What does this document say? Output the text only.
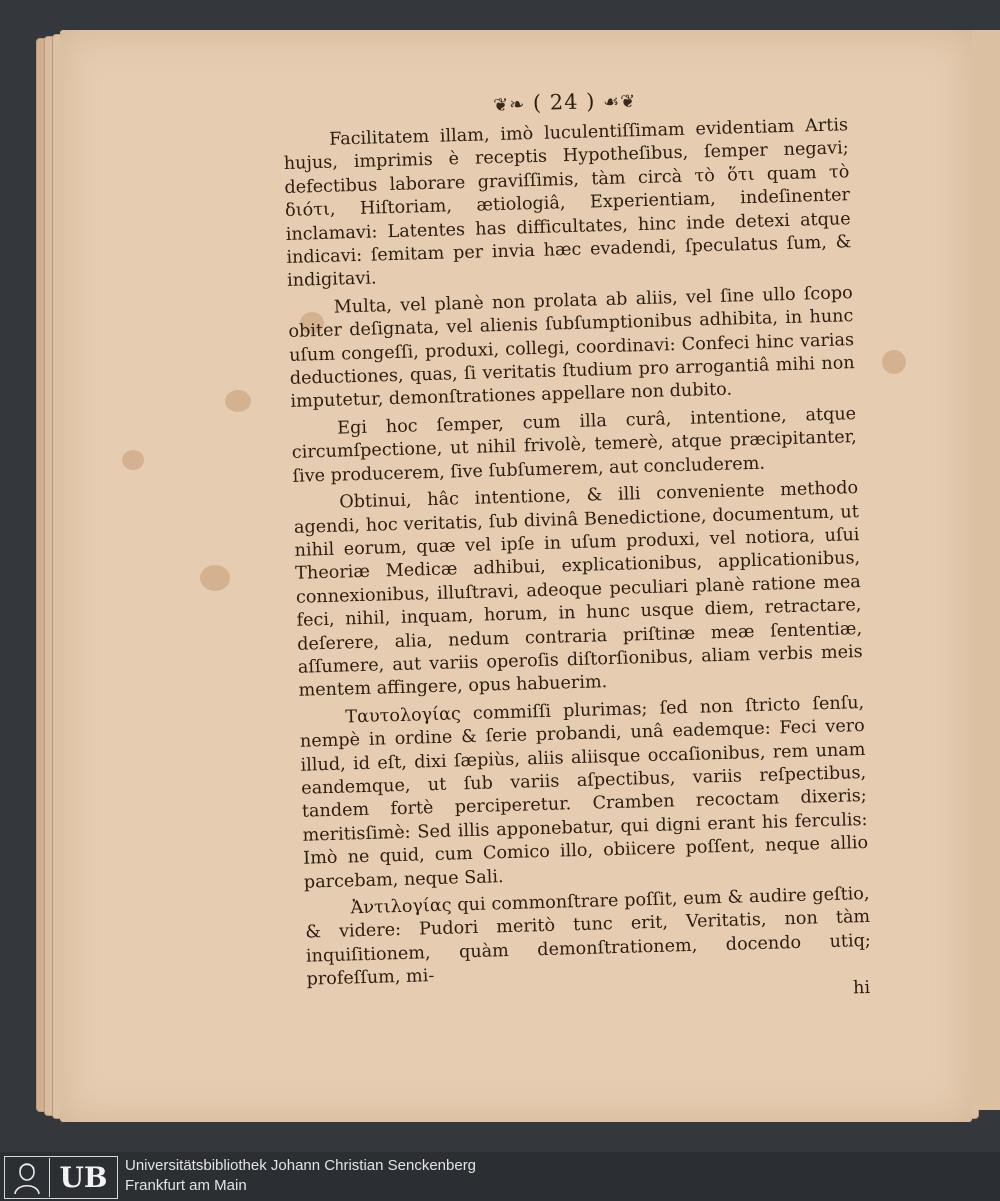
❦❧ ( 24 ) ☙❦

Facilitatem illam, imò luculentiſſimam evidentiam Artis hujus, imprimis è receptis Hypotheſibus, ſemper negavi; defectibus laborare graviſſimis, tàm circà τὸ ὅτι quam τὸ διότι, Hiſtoriam, ætiologiâ, Experientiam, indeſinenter inclamavi: Latentes has difficultates, hinc inde detexi atque indicavi: ſemitam per invia hæc evadendi, ſpeculatus ſum, & indigitavi.

Multa, vel planè non prolata ab aliis, vel ſine ullo ſcopo obiter deſignata, vel alienis ſubſumptionibus adhibita, in hunc uſum congeſſi, produxi, collegi, coordinavi: Confeci hinc varias deductiones, quas, ſi veritatis ſtudium pro arrogantiâ mihi non imputetur, demonſtrationes appellare non dubito.

Egi hoc ſemper, cum illa curâ, intentione, atque circumſpectione, ut nihil frivolè, temerè, atque præcipitanter, ſive producerem, ſive ſubſumerem, aut concluderem.

Obtinui, hâc intentione, & illi conveniente methodo agendi, hoc veritatis, ſub divinâ Benedictione, documentum, ut nihil eorum, quæ vel ipſe in uſum produxi, vel notiora, uſui Theoriæ Medicæ adhibui, explicationibus, applicationibus, connexionibus, illuſtravi, adeoque peculiari planè ratione mea feci, nihil, inquam, horum, in hunc usque diem, retractare, deſerere, alia, nedum contraria priſtinæ meæ ſententiæ, aſſumere, aut variis operoſis diſtorſionibus, aliam verbis meis mentem affingere, opus habuerim.

Ταυτολογίας commiſſi plurimas; ſed non ſtricto ſenſu, nempè in ordine & ſerie probandi, unâ eademque: Feci vero illud, id eſt, dixi ſæpiùs, aliis aliisque occaſionibus, rem unam eandemque, ut ſub variis aſpectibus, variis reſpectibus, tandem fortè perciperetur. Cramben recoctam dixeris; meritisſimè: Sed illis apponebatur, qui digni erant his ferculis: Imò ne quid, cum Comico illo, obiicere poſſent, neque allio parcebam, neque Sali.

Ἀντιλογίας qui commonſtrare poſſit, eum & audire geſtio, & videre: Pudori meritò tunc erit, Veritatis, non tàm inquiſitionem, quàm demonſtrationem, docendo utiq; profeſſum, mi-	hi
UB	Universitätsbibliothek Johann Christian Senckenberg
Frankfurt am Main
